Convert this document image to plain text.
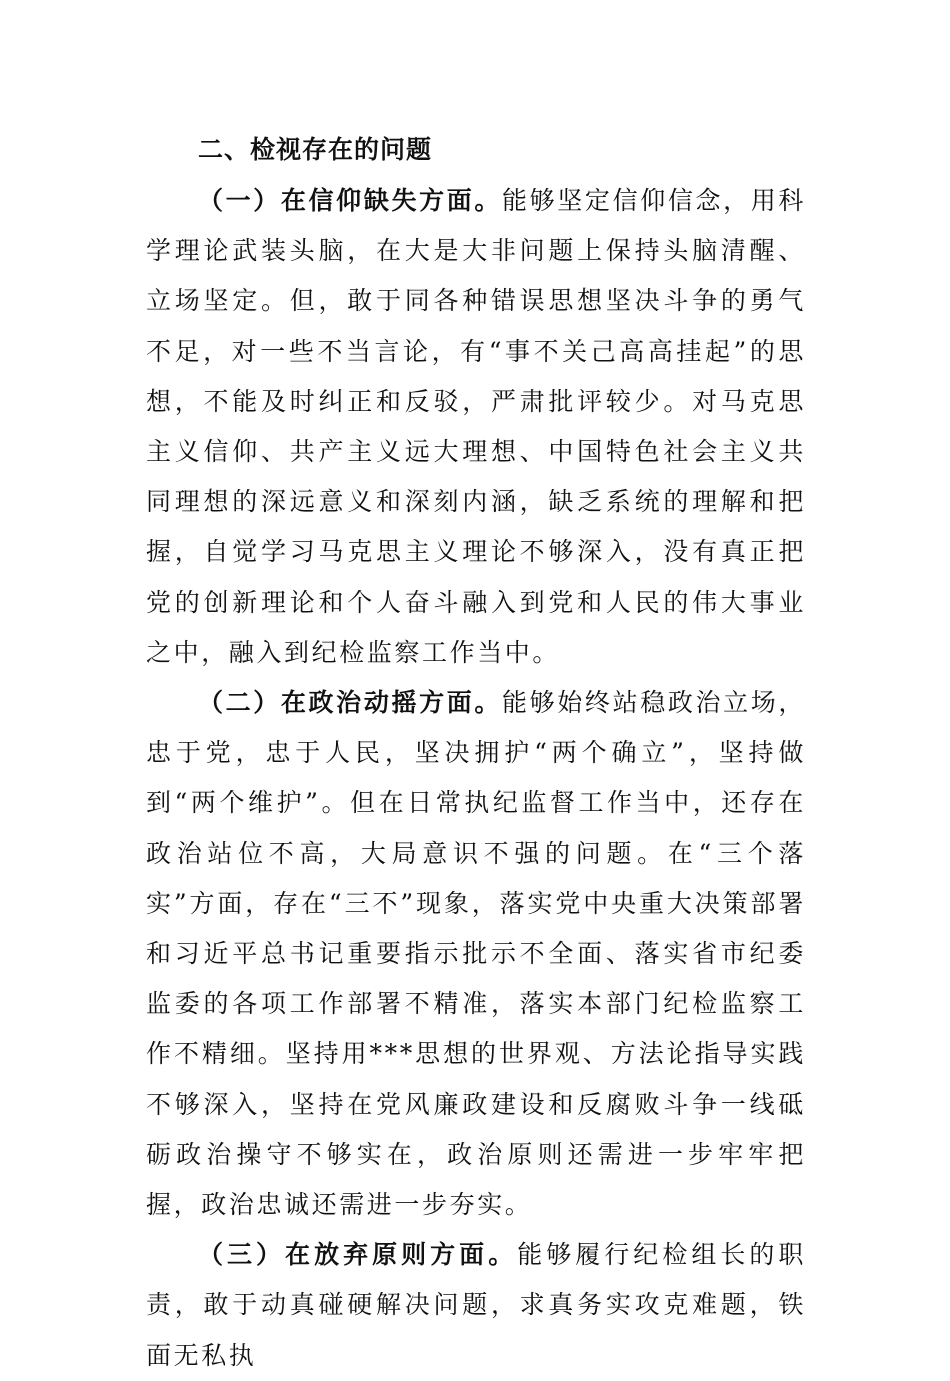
二、检视存在的问题

（一）在信仰缺失方面。能够坚定信仰信念，用科学理论武装头脑，在大是大非问题上保持头脑清醒、立场坚定。但，敢于同各种错误思想坚决斗争的勇气不足，对一些不当言论，有“事不关己高高挂起”的思想，不能及时纠正和反驳，严肃批评较少。对马克思主义信仰、共产主义远大理想、中国特色社会主义共同理想的深远意义和深刻内涵，缺乏系统的理解和把握，自觉学习马克思主义理论不够深入，没有真正把党的创新理论和个人奋斗融入到党和人民的伟大事业之中，融入到纪检监察工作当中。

（二）在政治动摇方面。能够始终站稳政治立场，忠于党，忠于人民，坚决拥护“两个确立”，坚持做到“两个维护”。但在日常执纪监督工作当中，还存在政治站位不高，大局意识不强的问题。在“三个落实”方面，存在“三不”现象，落实党中央重大决策部署和习近平总书记重要指示批示不全面、落实省市纪委监委的各项工作部署不精准，落实本部门纪检监察工作不精细。坚持用***思想的世界观、方法论指导实践不够深入，坚持在党风廉政建设和反腐败斗争一线砥砺政治操守不够实在，政治原则还需进一步牢牢把握，政治忠诚还需进一步夯实。

（三）在放弃原则方面。能够履行纪检组长的职责，敢于动真碰硬解决问题，求真务实攻克难题，铁面无私执
